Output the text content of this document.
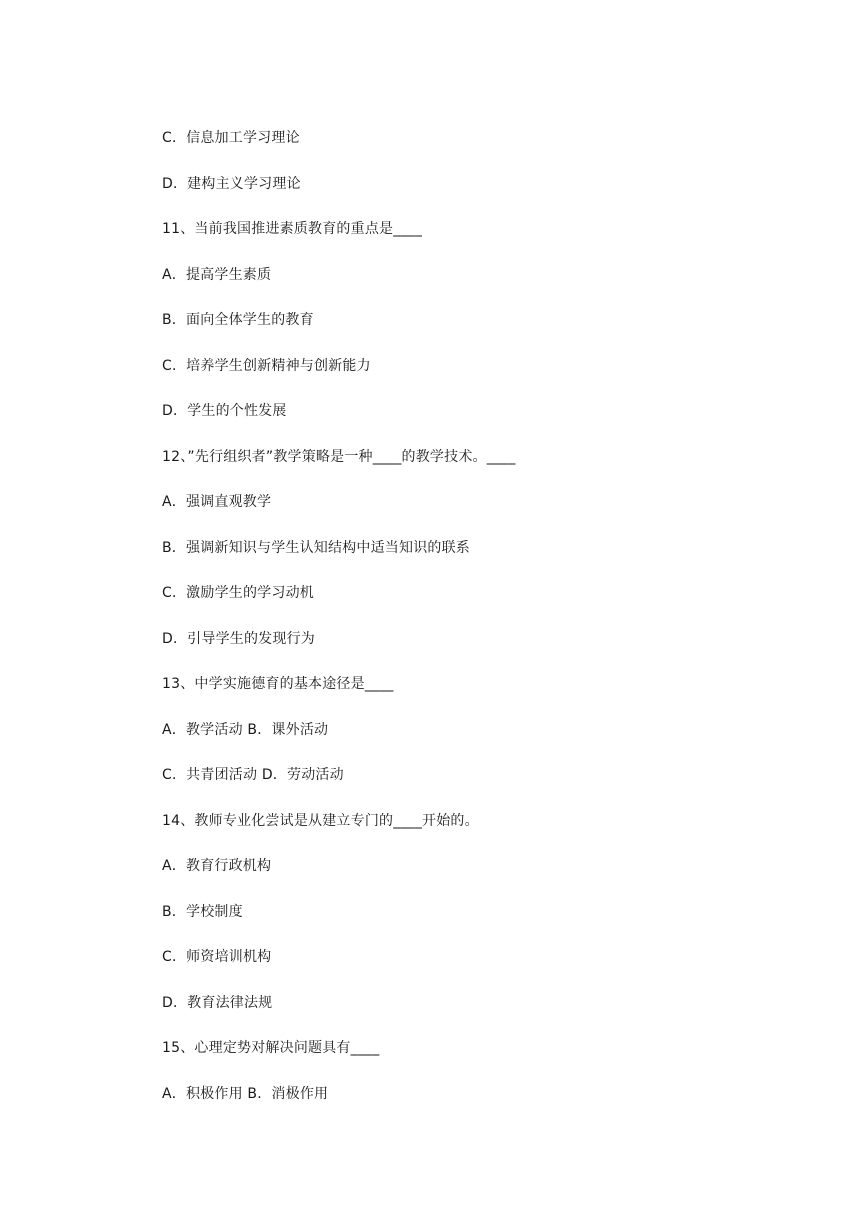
C．信息加工学习理论
D．建构主义学习理论
11、当前我国推进素质教育的重点是____
A．提高学生素质
B．面向全体学生的教育
C．培养学生创新精神与创新能力
D．学生的个性发展
12、”先行组织者”教学策略是一种____的教学技术。____
A．强调直观教学
B．强调新知识与学生认知结构中适当知识的联系
C．激励学生的学习动机
D．引导学生的发现行为
13、中学实施德育的基本途径是____
A．教学活动 B．课外活动
C．共青团活动 D．劳动活动
14、教师专业化尝试是从建立专门的____开始的。
A．教育行政机构
B．学校制度
C．师资培训机构
D．教育法律法规
15、心理定势对解决问题具有____
A．积极作用 B．消极作用
